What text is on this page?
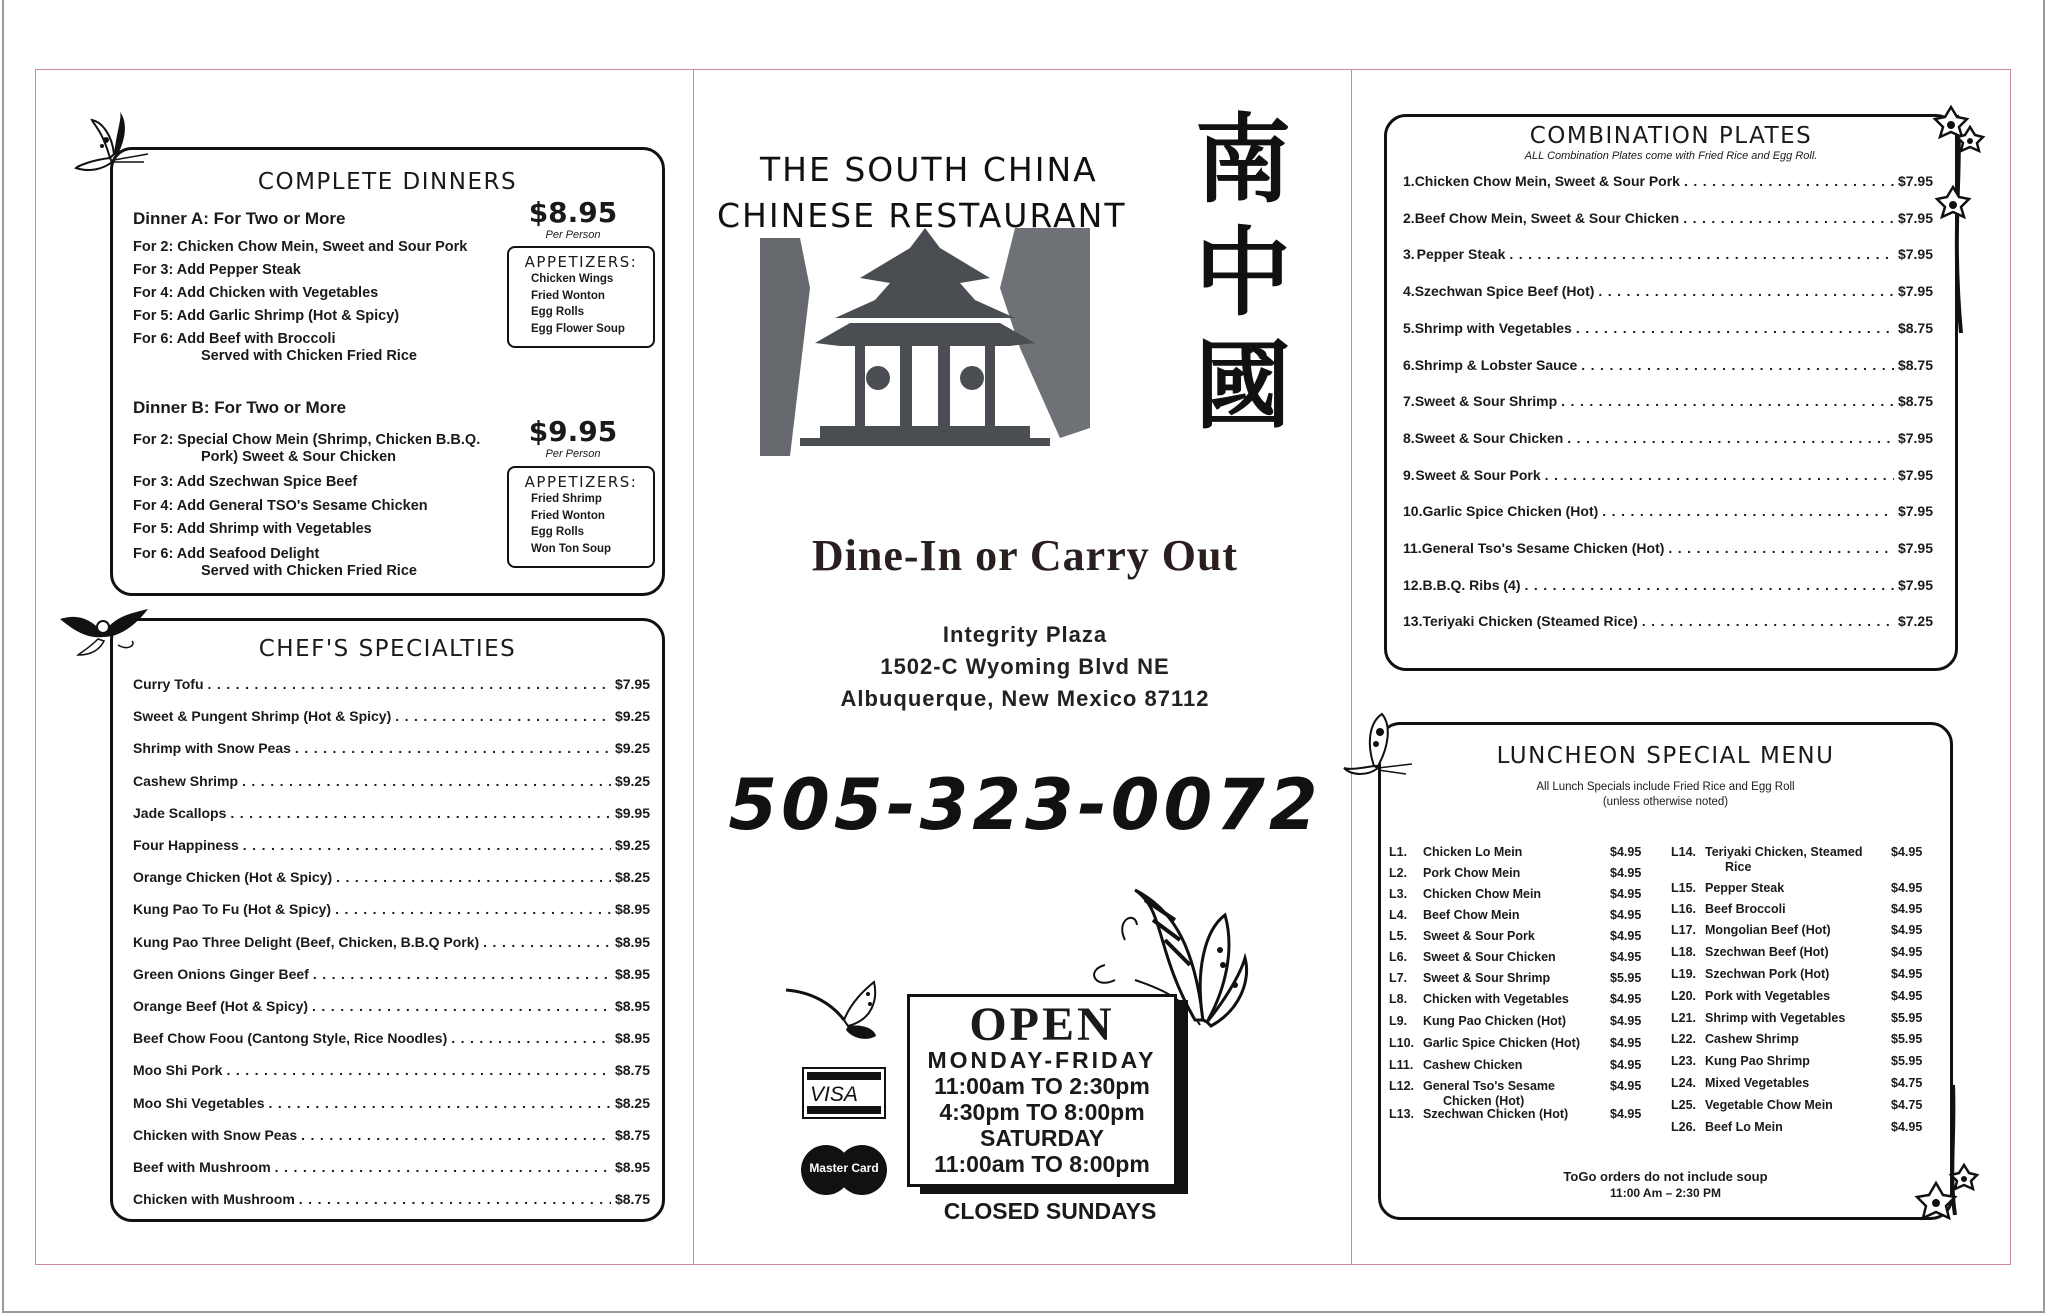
COMPLETE DINNERS
Dinner A: For Two or More	$8.95
Per Person
For 2: Chicken Chow Mein, Sweet and Sour Pork
For 3: Add Pepper Steak
For 4: Add Chicken with Vegetables
For 5: Add Garlic Shrimp (Hot & Spicy)
For 6: Add Beef with Broccoli
Served with Chicken Fried Rice
APPETIZERS:
Chicken Wings
Fried Wonton
Egg Rolls
Egg Flower Soup
Dinner B: For Two or More
$9.95
Per Person
For 2: Special Chow Mein (Shrimp, Chicken B.B.Q.
Pork) Sweet & Sour Chicken
For 3: Add Szechwan Spice Beef
For 4: Add General TSO's Sesame Chicken
For 5: Add Shrimp with Vegetables
For 6: Add Seafood Delight
Served with Chicken Fried Rice
APPETIZERS:
Fried Shrimp
Fried Wonton
Egg Rolls
Won Ton Soup
CHEF'S SPECIALTIES
Curry Tofu .....	$7.95
Sweet & Pungent Shrimp (Hot & Spicy) .....	$9.25
Shrimp with Snow Peas .....	$9.25
Cashew Shrimp .....	$9.25
Jade Scallops .....	$9.95
Four Happiness .....	$9.25
Orange Chicken (Hot & Spicy) .....	$8.25
Kung Pao To Fu (Hot & Spicy) .....	$8.95
Kung Pao Three Delight (Beef, Chicken, B.B.Q Pork) .....	$8.95
Green Onions Ginger Beef .....	$8.95
Orange Beef (Hot & Spicy) .....	$8.95
Beef Chow Foou (Cantong Style, Rice Noodles) .....	$8.95
Moo Shi Pork .....	$8.75
Moo Shi Vegetables .....	$8.25
Chicken with Snow Peas .....	$8.75
Beef with Mushroom .....	$8.95
Chicken with Mushroom .....	$8.75
THE SOUTH CHINA
CHINESE RESTAURANT 南
中
國
Dine-In or Carry Out
Integrity Plaza
1502-C Wyoming Blvd NE
Albuquerque, New Mexico 87112
505-323-0072
VISA
Master Card
OPEN
MONDAY-FRIDAY
11:00am TO 2:30pm
4:30pm TO 8:00pm
SATURDAY
11:00am TO 8:00pm
CLOSED SUNDAYS
COMBINATION PLATES
ALL Combination Plates come with Fried Rice and Egg Roll.
1. Chicken Chow Mein, Sweet & Sour Pork .....	$7.95
2. Beef Chow Mein, Sweet & Sour Chicken .....	$7.95
3. Pepper Steak .....	$7.95
4. Szechwan Spice Beef (Hot) .....	$7.95
5. Shrimp with Vegetables .....	$8.75
6. Shrimp & Lobster Sauce .....	$8.75
7. Sweet & Sour Shrimp .....	$8.75
8. Sweet & Sour Chicken .....	$7.95
9. Sweet & Sour Pork .....	$7.95
10. Garlic Spice Chicken (Hot) .....	$7.95
11. General Tso's Sesame Chicken (Hot) .....	$7.95
12. B.B.Q. Ribs (4) .....	$7.95
13. Teriyaki Chicken (Steamed Rice) .....	$7.25
LUNCHEON SPECIAL MENU
All Lunch Specials include Fried Rice and Egg Roll
(unless otherwise noted)
L1. Chicken Lo Mein	$4.95
L2. Pork Chow Mein	$4.95
L3. Chicken Chow Mein	$4.95
L4. Beef Chow Mein	$4.95
L5. Sweet & Sour Pork	$4.95
L6. Sweet & Sour Chicken	$4.95
L7. Sweet & Sour Shrimp	$5.95
L8. Chicken with Vegetables	$4.95
L9. Kung Pao Chicken (Hot)	$4.95
L10. Garlic Spice Chicken (Hot) $4.95
L11. Cashew Chicken	$4.95
L12. General Tso's Sesame	$4.95
Chicken (Hot)
L13. Szechwan Chicken (Hot)	$4.95
L14. Teriyaki Chicken, Steamed $4.95
Rice
L15. Pepper Steak	$4.95
L16. Beef Broccoli	$4.95
L17. Mongolian Beef (Hot)	$4.95
L18. Szechwan Beef (Hot)	$4.95
L19. Szechwan Pork (Hot)	$4.95
L20. Pork with Vegetables	$4.95
L21. Shrimp with Vegetables	$5.95
L22. Cashew Shrimp	$5.95
L23. Kung Pao Shrimp	$5.95
L24. Mixed Vegetables	$4.75
L25. Vegetable Chow Mein	$4.75
L26. Beef Lo Mein	$4.95
ToGo orders do not include soup
11:00 Am – 2:30 PM
